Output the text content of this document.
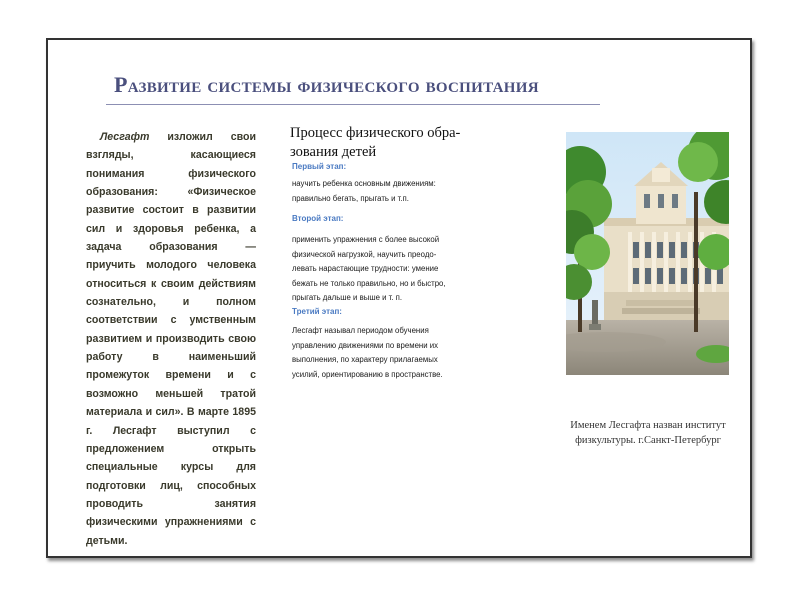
Развитие системы физического воспитания
Лесгафт изложил свои взгляды, касающиеся понимания физического образования: «Физическое развитие состоит в развитии сил и здоровья ребенка, а задача образования — приучить молодого человека относиться к своим действиям сознательно, и полном соответствии с умственным развитием и производить свою работу в наименьший промежуток времени и с возможно меньшей тратой материала и сил». В марте 1895 г. Лесгафт выступил с предложением открыть специальные курсы для подготовки лиц, способных проводить занятия физическими упражнениями с детьми.
Процесс физического обра-
зования детей
Первый этап:
научить ребенка основным движениям:
правильно бегать, прыгать и т.п.
Второй этап:
применить упражнения с более высокой
физической нагрузкой, научить преодо-
левать нарастающие трудности: умение
бежать не только правильно, но и быстро,
прыгать дальше и выше и т. п.
Третий этап:
Лесгафт называл периодом обучения
управлению движениями по времени их
выполнения, по характеру прилагаемых
усилий, ориентированию в пространстве.
Именем Лесгафта назван институт
физкультуры. г.Санкт-Петербург
